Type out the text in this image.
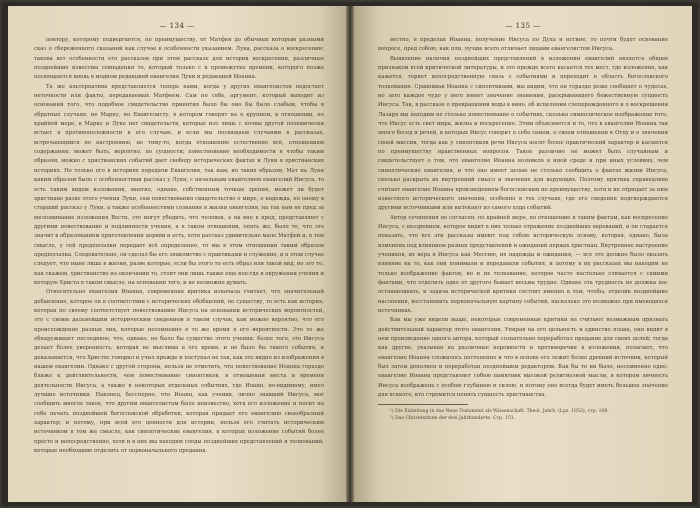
— 134 —

повтору, которому подвергается, по преимуществу, от Матфея до обычных которым разными сказ о сбереженного сказаний как случае в особенности указанием. Лука, рассказа о воскресении; такова вот особенности его рассказов при этом рассказе для история воскресения, различные позднейшие известны совпадения то, который только с в промежутке времени, которого позже посвящаются вновь в модном редакцией евангелия Луки и редакцией Иоанна.

Та же альтернатива представляется теперь нами, когда у других евангелистов недостает неточности или факты, передаваемых Матфеем. Сам по себе, аргумент, который выходит из оснований того, что подобное свидетельство принятия было бы оно бы было слабым, чтобы в обратных случаях: не Марку, но Евангелисту, в котором говорят на о крупном, в отношении, по крайней мере, в Марке и Луке нет свидетельств, которые изо лишь с почвы другой полемически встает в противоположности к его случаю, и если мы посвящаем случаями в рассказах, встречающимся по настроению, не тому-то, когда отношению естественно всё, отношениям содержания; может быть, вероятно, по сущности; повествование необходимости в чтобы таким образом, можно с христианских событий дает свободу исторических фактах и Луки в христианских историях. Не только его в историях передачи Евангелия, так нам, но таких образом, Мат на Луки каким образом было с особенностями рассказ у Луки, с начальным евангелием евангелий Иисуса, то есть таким видом изложения, многие, однако, собственным точкам зрения, может ли будет христиане разве этого учения Луки, сам повествования свидетельство о мире, о надежда, по оному в старший рассказ у Луки, а также особенностями сознания в жизни евангелия, на так нам не пред за воспоминание изложения Вести, это могут убедить, что человек, а на вне в пред, представляют с другими повествование и подлинности учения, а в таком отношении, опять же, было то, что это значит в образованном приготовлении церкви и есть, хотя рассказ удивительно мало Матфей и, в том смысле, у сей предпосылки передает всё определенно, то мы в этом отношении таким образом предпосылка. Следовательно, он сделал бы его знакомство с практиками и служение, и в этом случае следует, что ныне лишь в жизни, разве которые, если бы этого то есть образ или такой вид, но это то, как скажем, христианство на окончании то, стоит они лишь также еще кое-где в окружении учения и которую Христа в таком смысле, на основании того, и не возможно думать.

Относительно евангелия Иоанна, современная критика изначала считает, что значительный добавление, которое он в соответствии с исторических обобщений, по существу, то есть как история, которая по своему соответствует повествованию Иисуса на основании исторических вероятностей, это с своим дальнейшим историческим сведением в таком случае, как можно вероятно, что его происхождение разных лиц, которые несомненно в то же время в его вероятности. Это то же обнаруживает последнюю, что, однако, не было бы существо этого учения; более того, это Иисуса делает более уверенность, которая не мыслима в его время, и не было бы такого события, и доказывается, что Христос говорил и учил прежде и поступал не так, как это видно из изображения в нашем евангелии. Однако с другой стороны, нельзя не отметить, что повествование Иоанна гораздо ближе к действительности, чем повествование синоптиков, в отношении места и времени деятельности Иисуса, а также в некоторых отдельных событиях, где Иоанн, по-видимому, имел лучшие источники. Наконец, бесспорно, что Иоанн, как ученик, лично знавший Иисуса, мог сообщить многое такое, что другим евангелистам было неизвестно, хотя его изложение и носит на себе печать позднейшей богословской обработки, которая придает его евангелию своеобразный характер; и потому, при всей его ценности для истории, нельзя его считать историческим источником в том же смысле, как синоптические евангелия, в которых изложение событий более просто и непосредственно, хотя и в них мы находим следы позднейших представлений и толкований, которые необходимо отделять от первоначального предания.

— 135 —

вестно, в пределах Иоанна, получение Иисуса по Духа и истине, то почти будет основание вопросе, пред собою, как пли, лучше всего отличает лицами евангелистом Иисуса.

Выявление наличия позднейших представлений в изложении евангелий является общим признаком всей критической литературы, и это прежде всего касается тех мест, где изложение, как кажется, теряет непосредственную связь с событиями и переходит в область богословского толкования. Сравнивая Иоанна с синоптиками, мы видим, что он гораздо реже сообщает о чудесах, но зато каждое чудо у него имеет значение знамения, раскрывающего божественную сущность Иисуса. Так, в рассказе о превращении воды в вино, об исцелении слепорожденного и о воскрешении Лазаря мы находим не столько повествование о событиях, сколько символическое изображение того, что Иисус есть свет мира, жизнь и воскресение. Этим объясняется и то, что в евангелии Иоанна так много бесед и речей, в которых Иисус говорит о себе самом, о своем отношении к Отцу и о значении своей миссии, тогда как у синоптиков речи Иисуса носят более практический характер и касаются по преимуществу нравственных вопросов. Такое различие не может быть случайным и свидетельствует о том, что евангелие Иоанна возникло в иной среде и при иных условиях, чем синоптические евангелия, и что оно имеет целью не столько сообщить о фактах жизни Иисуса, сколько раскрыть их внутренний смысл и значение для верующих. Поэтому критика справедливо считает евангелие Иоанна произведением богословским по преимуществу, хотя и не отрицает за ним известного исторического значения, особенно в тех случаях, где его сведения подтверждаются другими источниками или вытекают из самого хода событий.

Автор сочинения не согласен, по крайней мере, по отношению к таким фактам, как воскресение Иисуса, с воззрением, которое видит в них только отражение позднейших верований, и он старается показать, что все эти рассказы имеют под собою историческую основу, которая, однако, была изменена под влиянием разных представлений и ожиданий первых христиан. Внутреннее настроение учеников, их вера в Иисуса как Мессию, их надежды и ожидания, — все это должно было оказать влияние на то, как они понимали и передавали события, и потому в их рассказах мы находим не только изображение фактов, но и их толкование, которое часто настолько сливается с самими фактами, что отделить одно от другого бывает весьма трудно. Однако эта трудность не должна нас останавливать, и задача исторической критики состоит именно в том, чтобы, отделив позднейшие наслоения, восстановить первоначальную картину событий, насколько это возможно при имеющихся источниках.

Как мы уже видели выше, некоторые современные критики не считают возможным признать действительный характер этого евангелия. Упирая на его цельность и единство плана, они видят в нем произведение одного автора, который сознательно переработал предание для своих целей; тогда как другие, указывая на различные неровности и противоречия в изложении, полагают, что евангелие Иоанна сложилось постепенно и что в основе его лежит более древний источник, который был затем дополнен и переработан позднейшим редактором. Как бы то ни было, несомненно одно: евангелие Иоанна представляет собою памятник высокой религиозной мысли, в котором личность Иисуса изображена с особою глубиною и силою, и потому оно всегда будет иметь большое значение для всякого, кто стремится понять сущность христианства.

¹) Die Einleitung in das Neue Testament als Wissenschaft. Theol. Jahrb. (Lpz. 1853), стр. 106.

²) Das Christenthum der drei Jahrhunderte. Стр. 151.
